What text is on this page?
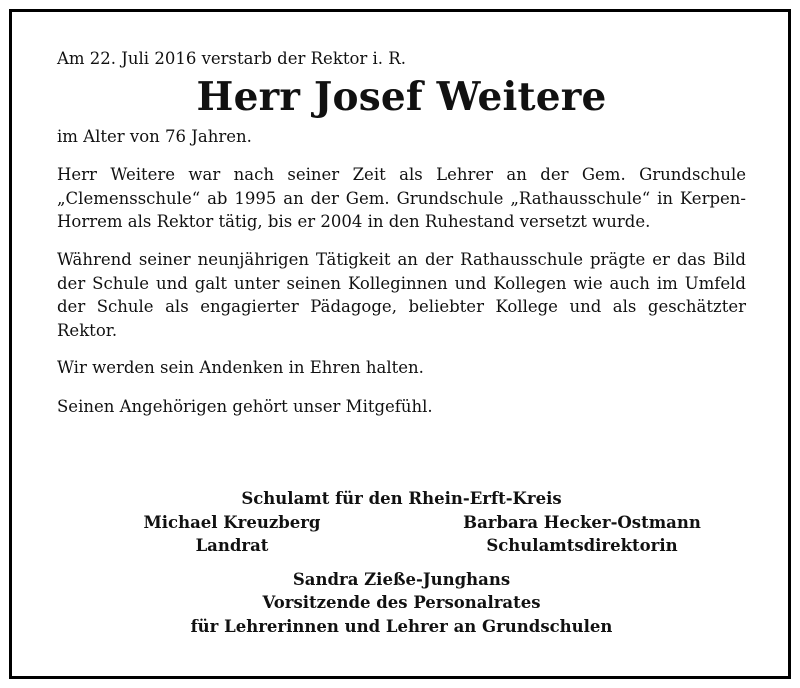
Am 22. Juli 2016 verstarb der Rektor i. R.

Herr Josef Weitere

im Alter von 76 Jahren.

Herr Weitere war nach seiner Zeit als Lehrer an der Gem. Grundschule „Clemensschule“ ab 1995 an der Gem. Grundschule „Rathausschule“ in Kerpen-Horrem als Rektor tätig, bis er 2004 in den Ruhestand versetzt wurde.

Während seiner neunjährigen Tätigkeit an der Rathausschule prägte er das Bild der Schule und galt unter seinen Kolleginnen und Kollegen wie auch im Umfeld der Schule als engagierter Pädagoge, beliebter Kollege und als geschätzter Rektor.

Wir werden sein Andenken in Ehren halten.

Seinen Angehörigen gehört unser Mitgefühl.

Schulamt für den Rhein-Erft-Kreis
Michael Kreuzberg	Barbara Hecker-Ostmann
Landrat	Schulamtsdirektorin
Sandra Zieße-Junghans
Vorsitzende des Personalrates
für Lehrerinnen und Lehrer an Grundschulen
